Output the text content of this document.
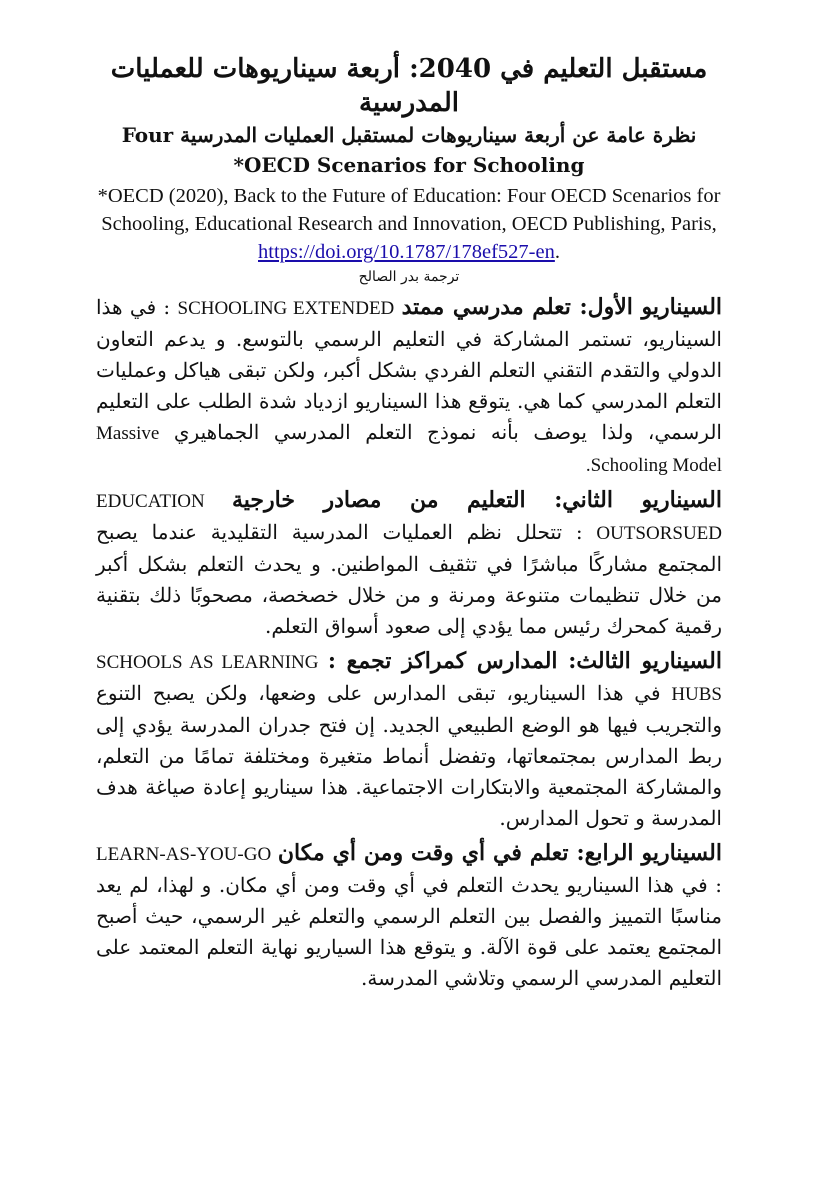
مستقبل التعليم في 2040: أربعة سيناريوهات للعمليات المدرسية

نظرة عامة عن أربعة سيناريوهات لمستقبل العمليات المدرسية Four OECD Scenarios for Schooling*

*OECD (2020), Back to the Future of Education: Four OECD Scenarios for Schooling, Educational Research and Innovation, OECD Publishing, Paris, https://doi.org/10.1787/178ef527-en.

ترجمة بدر الصالح

السيناريو الأول: تعلم مدرسي ممتد SCHOOLING EXTENDED : في هذا السيناريو، تستمر المشاركة في التعليم الرسمي بالتوسع. و يدعم التعاون الدولي والتقدم التقني التعلم الفردي بشكل أكبر، ولكن تبقى هياكل وعمليات التعلم المدرسي كما هي. يتوقع هذا السيناريو ازدياد شدة الطلب على التعليم الرسمي، ولذا يوصف بأنه نموذج التعلم المدرسي الجماهيري Massive Schooling Model.

السيناريو الثاني: التعليم من مصادر خارجية EDUCATION OUTSORSUED : تتحلل نظم العمليات المدرسية التقليدية عندما يصبح المجتمع مشاركًا مباشرًا في تثقيف المواطنين. و يحدث التعلم بشكل أكبر من خلال تنظيمات متنوعة ومرنة و من خلال خصخصة، مصحوبًا ذلك بتقنية رقمية كمحرك رئيس مما يؤدي إلى صعود أسواق التعلم.

السيناريو الثالث: المدارس كمراكز تجمع : SCHOOLS AS LEARNING HUBS في هذا السيناريو، تبقى المدارس على وضعها، ولكن يصبح التنوع والتجريب فيها هو الوضع الطبيعي الجديد. إن فتح جدران المدرسة يؤدي إلى ربط المدارس بمجتمعاتها، وتفضل أنماط متغيرة ومختلفة تمامًا من التعلم، والمشاركة المجتمعية والابتكارات الاجتماعية. هذا سيناريو إعادة صياغة هدف المدرسة و تحول المدارس.

السيناريو الرابع: تعلم في أي وقت ومن أي مكان LEARN-AS-YOU-GO : في هذا السيناريو يحدث التعلم في أي وقت ومن أي مكان. و لهذا، لم يعد مناسبًا التمييز والفصل بين التعلم الرسمي والتعلم غير الرسمي، حيث أصبح المجتمع يعتمد على قوة الآلة. و يتوقع هذا السياريو نهاية التعلم المعتمد على التعليم المدرسي الرسمي وتلاشي المدرسة.
